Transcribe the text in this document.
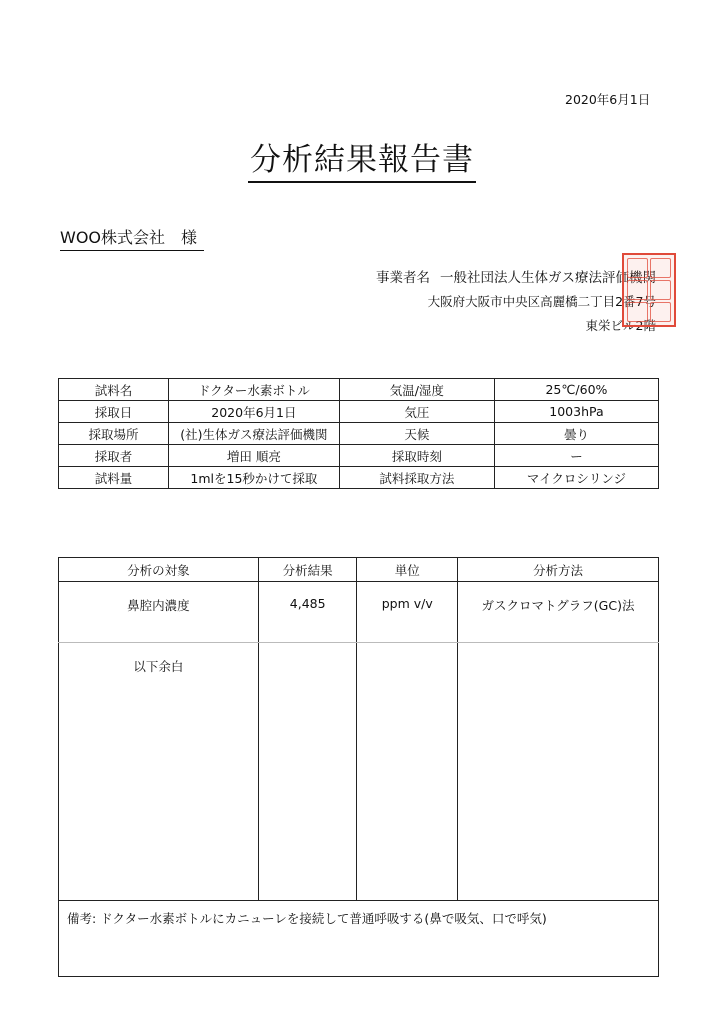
2020年6月1日
分析結果報告書
WOO株式会社　様
事業者名 一般社団法人生体ガス療法評価機関
大阪府大阪市中央区高麗橋二丁目2番7号
東栄ビル2階
試料名	ドクター水素ボトル	気温/湿度	25℃/60%
採取日	2020年6月1日	気圧	1003hPa
採取場所	(社)生体ガス療法評価機関	天候	曇り
採取者	増田 順亮	採取時刻	ー
試料量	1mlを15秒かけて採取	試料採取方法	マイクロシリンジ
分析の対象	分析結果	単位	分析方法
鼻腔内濃度	4,485	ppm v/v	ガスクロマトグラフ(GC)法
以下余白			
備考: ドクター水素ボトルにカニューレを接続して普通呼吸する(鼻で吸気、口で呼気)			
